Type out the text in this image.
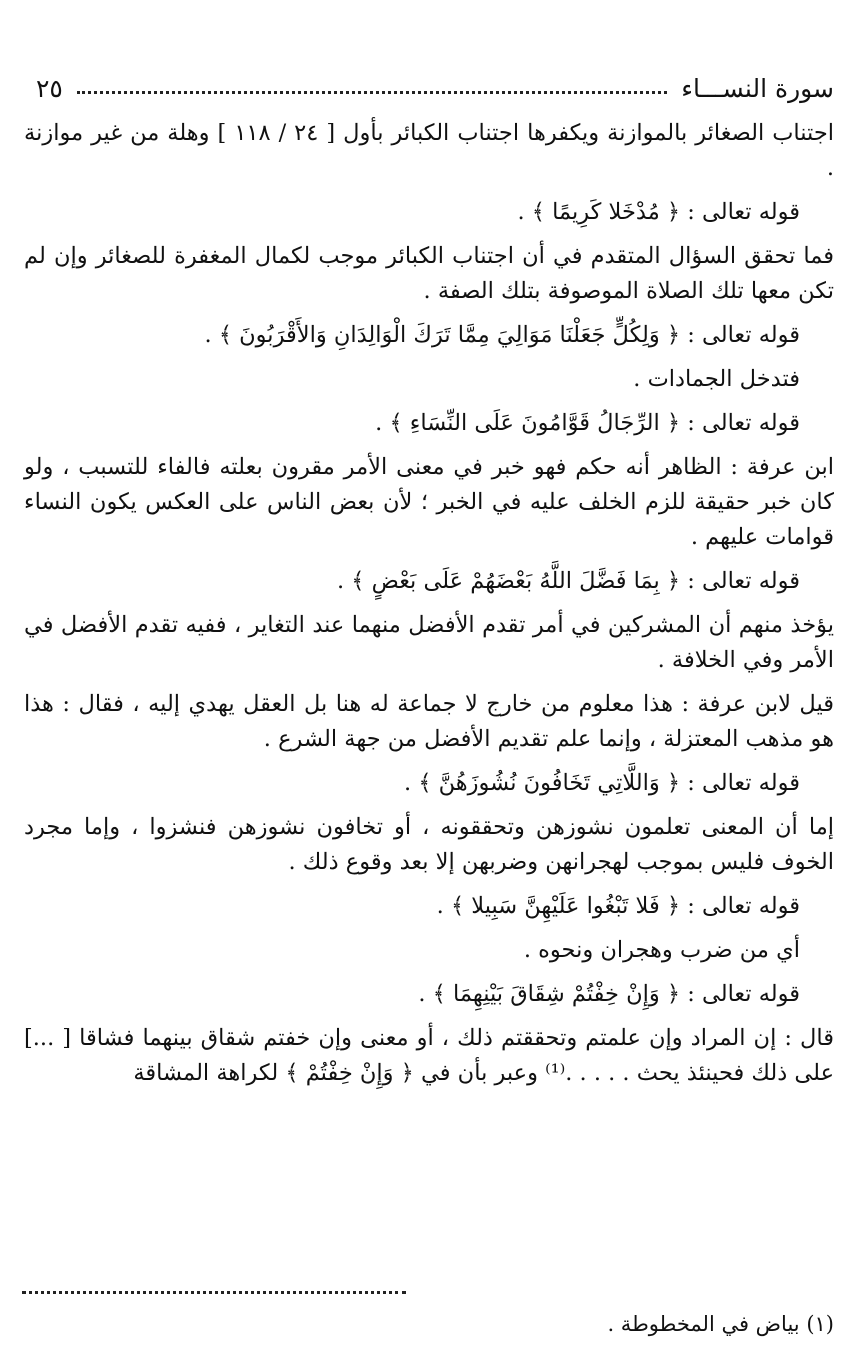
سورة النســـاء
٢٥

اجتناب الصغائر بالموازنة ويكفرها اجتناب الكبائر بأول [ ٢٤ / ١١٨ ] وهلة من غير موازنة .

قوله تعالى : ﴿ مُدْخَلا كَرِيمًا ﴾ .

فما تحقق السؤال المتقدم في أن اجتناب الكبائر موجب لكمال المغفرة للصغائر وإن لم تكن معها تلك الصلاة الموصوفة بتلك الصفة .

قوله تعالى : ﴿ وَلِكُلٍّ جَعَلْنَا مَوَالِيَ مِمَّا تَرَكَ الْوَالِدَانِ وَالأَقْرَبُونَ ﴾ .

فتدخل الجمادات .

قوله تعالى : ﴿ الرِّجَالُ قَوَّامُونَ عَلَى النِّسَاءِ ﴾ .

ابن عرفة : الظاهر أنه حكم فهو خبر في معنى الأمر مقرون بعلته فالفاء للتسبب ، ولو كان خبر حقيقة للزم الخلف عليه في الخبر ؛ لأن بعض الناس على العكس يكون النساء قوامات عليهم .

قوله تعالى : ﴿ بِمَا فَضَّلَ اللَّهُ بَعْضَهُمْ عَلَى بَعْضٍ ﴾ .

يؤخذ منهم أن المشركين في أمر تقدم الأفضل منهما عند التغاير ، ففيه تقدم الأفضل في الأمر وفي الخلافة .

قيل لابن عرفة : هذا معلوم من خارج لا جماعة له هنا بل العقل يهدي إليه ، فقال : هذا هو مذهب المعتزلة ، وإنما علم تقديم الأفضل من جهة الشرع .

قوله تعالى : ﴿ وَاللَّاتِي تَخَافُونَ نُشُوزَهُنَّ ﴾ .

إما أن المعنى تعلمون نشوزهن وتحققونه ، أو تخافون نشوزهن فنشزوا ، وإما مجرد الخوف فليس بموجب لهجرانهن وضربهن إلا بعد وقوع ذلك .

قوله تعالى : ﴿ فَلا تَبْغُوا عَلَيْهِنَّ سَبِيلا ﴾ .

أي من ضرب وهجران ونحوه .

قوله تعالى : ﴿ وَإِنْ خِفْتُمْ شِقَاقَ بَيْنِهِمَا ﴾ .

قال : إن المراد وإن علمتم وتحققتم ذلك ، أو معنى وإن خفتم شقاق بينهما فشاقا [ ...] على ذلك فحينئذ يحث . . . . .⁽¹⁾ وعبر بأن في ﴿ وَإِنْ خِفْتُمْ ﴾ لكراهة المشاقة

(١) بياض في المخطوطة .
